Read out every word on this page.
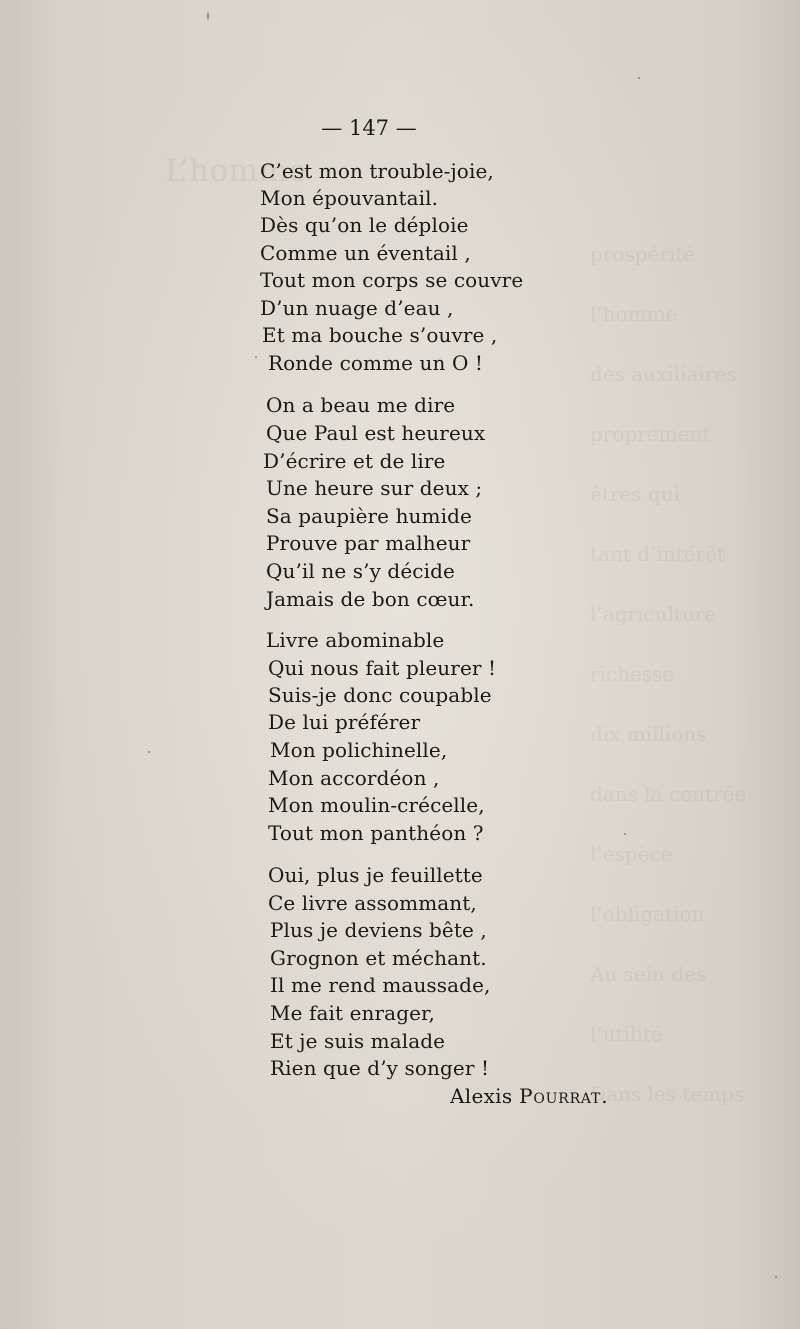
L’homme
prospérité
l’homme
des auxiliaires
proprement
êtres qui
tant d’intérêt
l’agriculture
richesse
dix millions
dans la contrée
l’espèce
l’obligation
Au sein des
l’utilité
Dans les temps
— 147 —

C’est mon trouble-joie,

Mon épouvantail.

Dès qu’on le déploie

Comme un éventail ,

Tout mon corps se couvre

D’un nuage d’eau ,

Et ma bouche s’ouvre ,

Ronde comme un O !

On a beau me dire

Que Paul est heureux

D’écrire et de lire

Une heure sur deux ;

Sa paupière humide

Prouve par malheur

Qu’il ne s’y décide

Jamais de bon cœur.

Livre abominable

Qui nous fait pleurer !

Suis-je donc coupable

De lui préférer

Mon polichinelle,

Mon accordéon ,

Mon moulin-crécelle,

Tout mon panthéon ?

Oui, plus je feuillette

Ce livre assommant,

Plus je deviens bête ,

Grognon et méchant.

Il me rend maussade,

Me fait enrager,

Et je suis malade

Rien que d’y songer !

Alexis Pourrat.
